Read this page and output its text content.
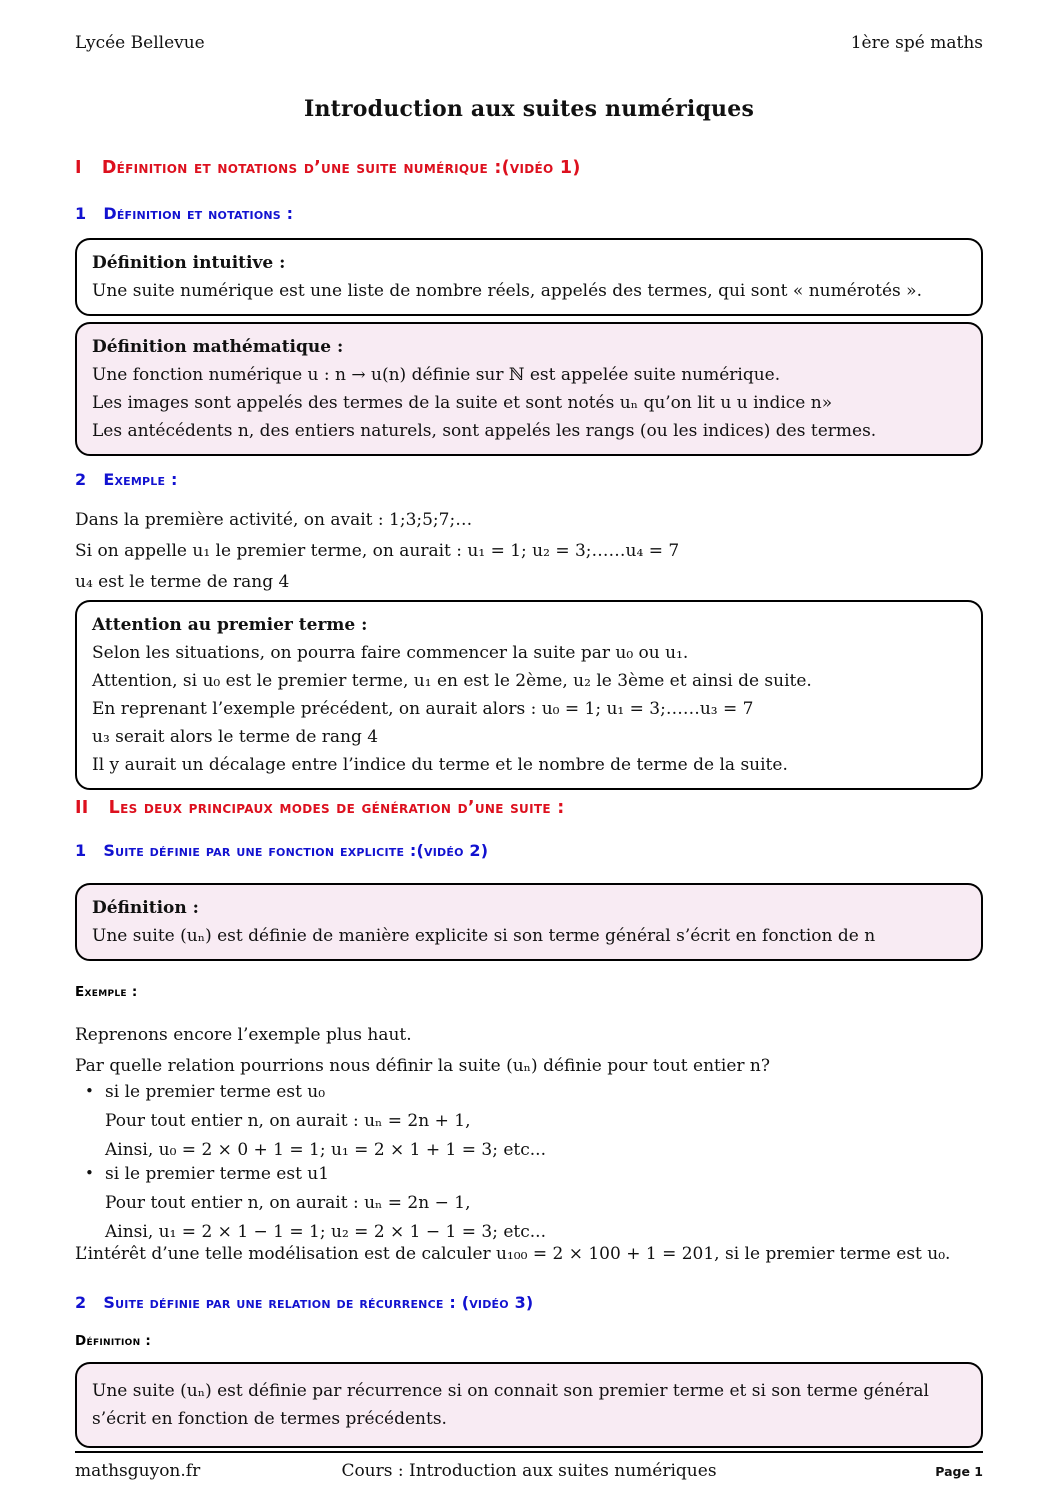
Lycée Bellevue	1ère spé maths
Introduction aux suites numériques
I Définition et notations d’une suite numérique :(vidéo 1)
1 Définition et notations :
Définition intuitive :
Une suite numérique est une liste de nombre réels, appelés des termes, qui sont « numérotés ».
Définition mathématique :
Une fonction numérique u : n → u(n) définie sur ℕ est appelée suite numérique.
Les images sont appelés des termes de la suite et sont notés uₙ qu’on lit u u indice n»
Les antécédents n, des entiers naturels, sont appelés les rangs (ou les indices) des termes.
2 Exemple :
Dans la première activité, on avait : 1;3;5;7;…
Si on appelle u₁ le premier terme, on aurait : u₁ = 1; u₂ = 3;……u₄ = 7
u₄ est le terme de rang 4
Attention au premier terme :
Selon les situations, on pourra faire commencer la suite par u₀ ou u₁.
Attention, si u₀ est le premier terme, u₁ en est le 2ème, u₂ le 3ème et ainsi de suite.
En reprenant l’exemple précédent, on aurait alors : u₀ = 1; u₁ = 3;……u₃ = 7
u₃ serait alors le terme de rang 4
Il y aurait un décalage entre l’indice du terme et le nombre de terme de la suite.
II Les deux principaux modes de génération d’une suite :
1 Suite définie par une fonction explicite :(vidéo 2)
Définition :
Une suite (uₙ) est définie de manière explicite si son terme général s’écrit en fonction de n
Exemple :
Reprenons encore l’exemple plus haut.
Par quelle relation pourrions nous définir la suite (uₙ) définie pour tout entier n?
• si le premier terme est u₀
Pour tout entier n, on aurait : uₙ = 2n + 1,
Ainsi, u₀ = 2 × 0 + 1 = 1; u₁ = 2 × 1 + 1 = 3; etc...
• si le premier terme est u1
Pour tout entier n, on aurait : uₙ = 2n − 1,
Ainsi, u₁ = 2 × 1 − 1 = 1; u₂ = 2 × 1 − 1 = 3; etc...
L’intérêt d’une telle modélisation est de calculer u₁₀₀ = 2 × 100 + 1 = 201, si le premier terme est u₀.
2 Suite définie par une relation de récurrence : (vidéo 3)
Définition :
Une suite (uₙ) est définie par récurrence si on connait son premier terme et si son terme général s’écrit en fonction de termes précédents.
mathsguyon.fr	Cours : Introduction aux suites numériques	Page 1
